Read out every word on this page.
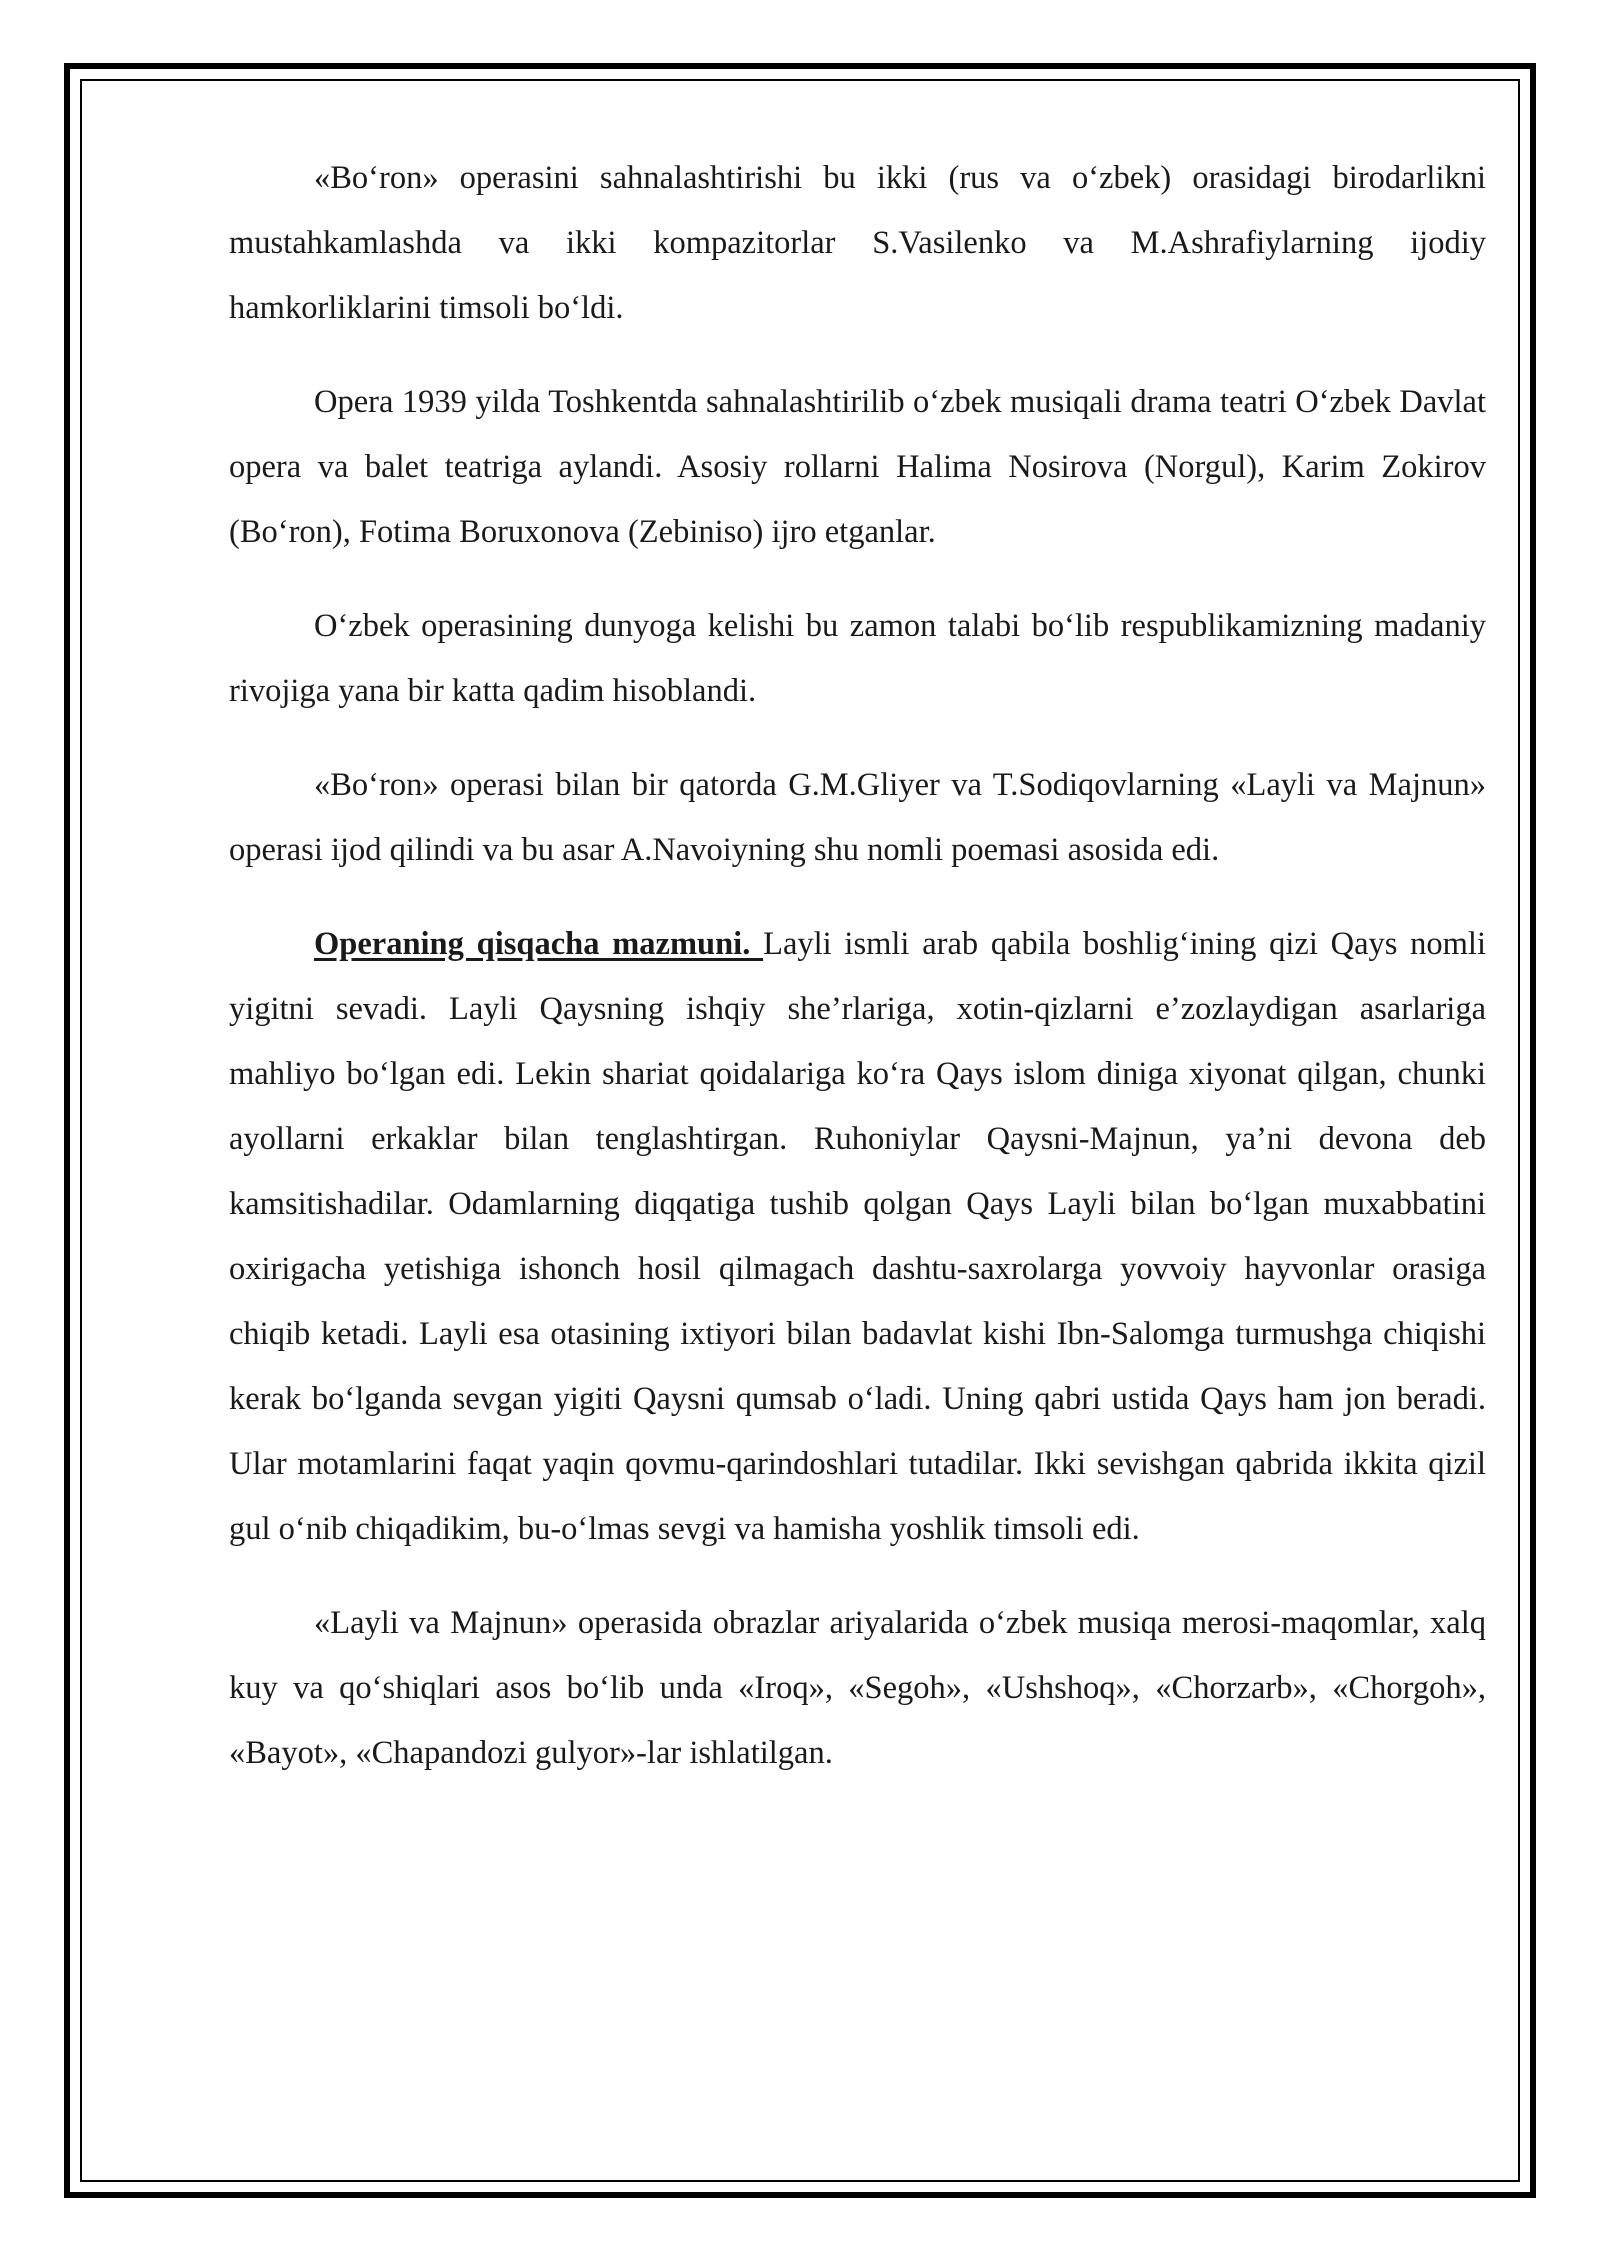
«Bo‘ron» operasini sahnalashtirishi bu ikki (rus va o‘zbek) orasidagi birodarlikni mustahkamlashda va ikki kompazitorlar S.Vasilenko va M.Ashrafiylarning ijodiy hamkorliklarini timsoli bo‘ldi.

Opera 1939 yilda Toshkentda sahnalashtirilib o‘zbek musiqali drama teatri O‘zbek Davlat opera va balet teatriga aylandi. Asosiy rollarni Halima Nosirova (Norgul), Karim Zokirov (Bo‘ron), Fotima Boruxonova (Zebiniso) ijro etganlar.

O‘zbek operasining dunyoga kelishi bu zamon talabi bo‘lib respublikamizning madaniy rivojiga yana bir katta qadim hisoblandi.

«Bo‘ron» operasi bilan bir qatorda G.M.Gliyer va T.Sodiqovlarning «Layli va Majnun» operasi ijod qilindi va bu asar A.Navoiyning shu nomli poemasi asosida edi.

Operaning qisqacha mazmuni. Layli ismli arab qabila boshlig‘ining qizi Qays nomli yigitni sevadi. Layli Qaysning ishqiy she’rlariga, xotin-qizlarni e’zozlaydigan asarlariga mahliyo bo‘lgan edi. Lekin shariat qoidalariga ko‘ra Qays islom diniga xiyonat qilgan, chunki ayollarni erkaklar bilan tenglashtirgan. Ruhoniylar Qaysni-Majnun, ya’ni devona deb kamsitishadilar. Odamlarning diqqatiga tushib qolgan Qays Layli bilan bo‘lgan muxabbatini oxirigacha yetishiga ishonch hosil qilmagach dashtu-saxrolarga yovvoiy hayvonlar orasiga chiqib ketadi. Layli esa otasining ixtiyori bilan badavlat kishi Ibn-Salomga turmushga chiqishi kerak bo‘lganda sevgan yigiti Qaysni qumsab o‘ladi. Uning qabri ustida Qays ham jon beradi. Ular motamlarini faqat yaqin qovmu-qarindoshlari tutadilar. Ikki sevishgan qabrida ikkita qizil gul o‘nib chiqadikim, bu-o‘lmas sevgi va hamisha yoshlik timsoli edi.

«Layli va Majnun» operasida obrazlar ariyalarida o‘zbek musiqa merosi-maqomlar, xalq kuy va qo‘shiqlari asos bo‘lib unda «Iroq», «Segoh», «Ushshoq», «Chorzarb», «Chorgoh», «Bayot», «Chapandozi gulyor»-lar ishlatilgan.
